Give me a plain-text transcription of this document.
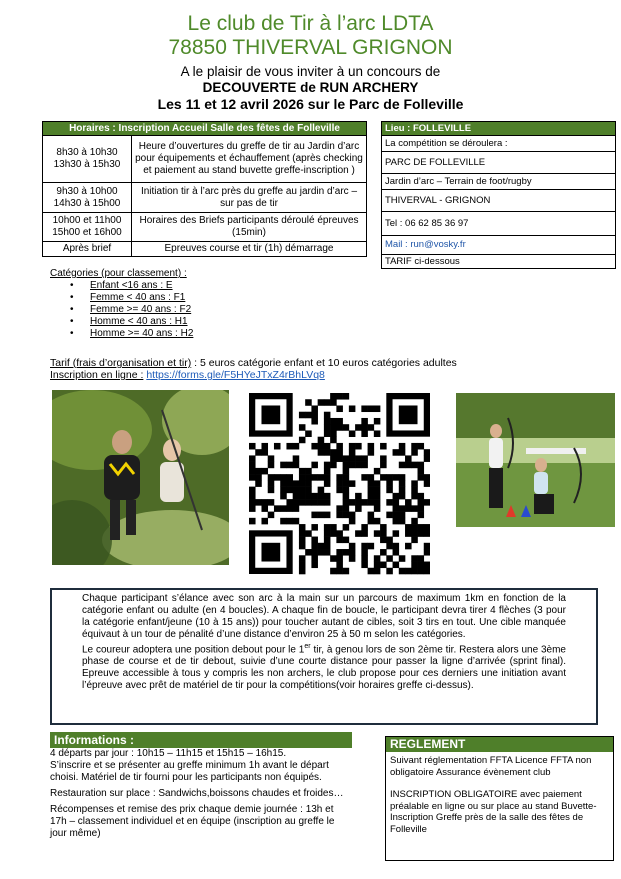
Le club de Tir à l’arc LDTA
78850 THIVERVAL GRIGNON
A le plaisir de vous inviter à un concours de
DECOUVERTE de RUN ARCHERY
Les 11 et 12 avril 2026 sur le Parc de Folleville
Horaires : Inscription Accueil Salle des fêtes de Folleville	
8h30 à 10h30
13h30 à 15h30	Heure d’ouvertures du greffe de tir au Jardin d’arc pour équipements et échauffement (après checking et paiement au stand buvette greffe-inscription )
9h30 à 10h00
14h30 à 15h00	Initiation tir à l’arc près du greffe au jardin d’arc – sur pas de tir
10h00 et 11h00
15h00 et 16h00	Horaires des Briefs participants déroulé épreuves (15min)
Après brief	Epreuves course et tir (1h) démarrage
Lieu : FOLLEVILLE
La compétition se déroulera :
PARC DE FOLLEVILLE
Jardin d’arc – Terrain de foot/rugby
THIVERVAL - GRIGNON
Tel : 06 62 85 36 97
Mail : run@vosky.fr
TARIF ci-dessous
Catégories (pour classement) :
• Enfant <16 ans : E
• Femme < 40 ans : F1
• Femme >= 40 ans : F2
• Homme < 40 ans : H1
• Homme >= 40 ans : H2
Tarif (frais d’organisation et tir) : 5 euros catégorie enfant et 10 euros catégories adultes
Inscription en ligne : https://forms.gle/F5HYeJTxZ4rBhLVq8

Chaque participant s’élance avec son arc à la main sur un parcours de maximum 1km en fonction de la catégorie enfant ou adulte (en 4 boucles). A chaque fin de boucle, le participant devra tirer 4 flèches (3 pour la catégorie enfant/jeune (10 à 15 ans)) pour toucher autant de cibles, soit 3 tirs en tout. Une cible manquée équivaut à un tour de pénalité d’une distance d’environ 25 à 50 m selon les catégories.

Le coureur adoptera une position debout pour le 1er tir, à genou lors de son 2ème tir. Restera alors une 3ème phase de course et de tir debout, suivie d’une courte distance pour passer la ligne d’arrivée (sprint final). Epreuve accessible à tous y compris les non archers, le club propose pour ces derniers une initiation avant l’épreuve avec prêt de matériel de tir pour la compétitions(voir horaires greffe ci-dessus).

Informations :

4 départs par jour : 10h15 – 11h15 et 15h15 – 16h15.

S’inscrire et se présenter au greffe minimum 1h avant le départ choisi. Matériel de tir fourni pour les participants non équipés.

Restauration sur place : Sandwichs,boissons chaudes et froides…

Récompenses et remise des prix chaque demie journée : 13h et 17h – classement individuel et en équipe (inscription au greffe le jour même)

REGLEMENT

Suivant réglementation FFTA Licence FFTA non obligatoire Assurance évènement club

INSCRIPTION OBLIGATOIRE avec paiement préalable en ligne ou sur place au stand Buvette-Inscription Greffe près de la salle des fêtes de Folleville
